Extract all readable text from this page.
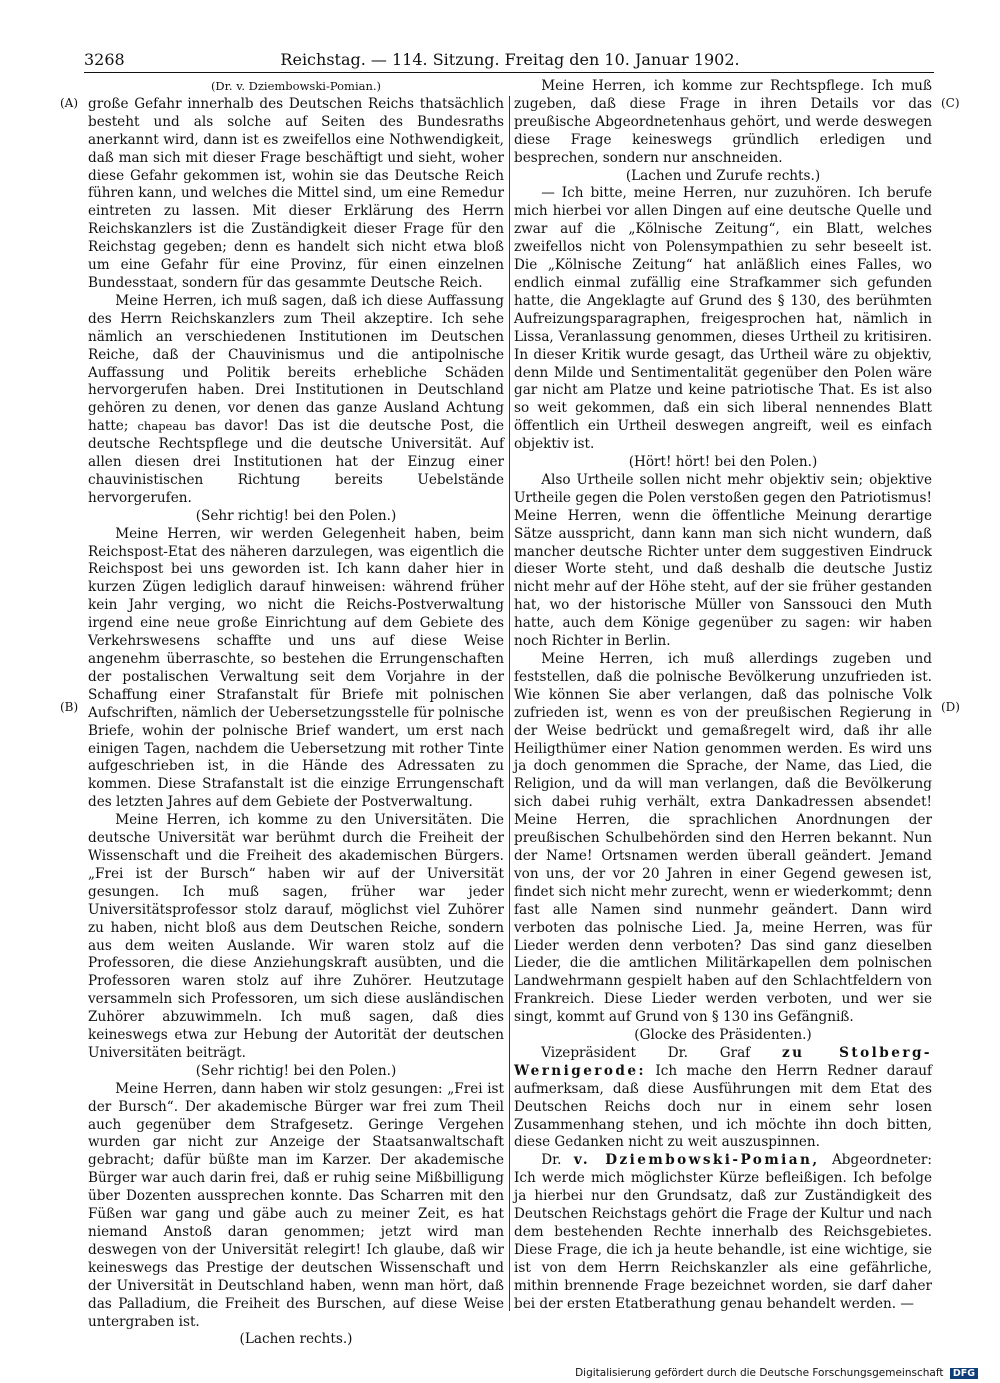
3268	Reichstag. — 114. Sitzung. Freitag den 10. Januar 1902.
(A)
(B)
(C)
(D)

(Dr. v. Dziembowski-Pomian.)

große Gefahr innerhalb des Deutschen Reichs thatsächlich besteht und als solche auf Seiten des Bundesraths anerkannt wird, dann ist es zweifellos eine Nothwendigkeit, daß man sich mit dieser Frage beschäftigt und sieht, woher diese Gefahr gekommen ist, wohin sie das Deutsche Reich führen kann, und welches die Mittel sind, um eine Remedur eintreten zu lassen. Mit dieser Erklärung des Herrn Reichskanzlers ist die Zuständigkeit dieser Frage für den Reichstag gegeben; denn es handelt sich nicht etwa bloß um eine Gefahr für eine Provinz, für einen einzelnen Bundesstaat, sondern für das gesammte Deutsche Reich.

Meine Herren, ich muß sagen, daß ich diese Auffassung des Herrn Reichskanzlers zum Theil akzeptire. Ich sehe nämlich an verschiedenen Institutionen im Deutschen Reiche, daß der Chauvinismus und die antipolnische Auffassung und Politik bereits erhebliche Schäden hervorgerufen haben. Drei Institutionen in Deutschland gehören zu denen, vor denen das ganze Ausland Achtung hatte; chapeau bas davor! Das ist die deutsche Post, die deutsche Rechtspflege und die deutsche Universität. Auf allen diesen drei Institutionen hat der Einzug einer chauvinistischen Richtung bereits Uebelstände hervorgerufen.

(Sehr richtig! bei den Polen.)

Meine Herren, wir werden Gelegenheit haben, beim Reichspost-Etat des näheren darzulegen, was eigentlich die Reichspost bei uns geworden ist. Ich kann daher hier in kurzen Zügen lediglich darauf hinweisen: während früher kein Jahr verging, wo nicht die Reichs-Postverwaltung irgend eine neue große Einrichtung auf dem Gebiete des Verkehrswesens schaffte und uns auf diese Weise angenehm überraschte, so bestehen die Errungenschaften der postalischen Verwaltung seit dem Vorjahre in der Schaffung einer Strafanstalt für Briefe mit polnischen Aufschriften, nämlich der Uebersetzungsstelle für polnische Briefe, wohin der polnische Brief wandert, um erst nach einigen Tagen, nachdem die Uebersetzung mit rother Tinte aufgeschrieben ist, in die Hände des Adressaten zu kommen. Diese Strafanstalt ist die einzige Errungenschaft des letzten Jahres auf dem Gebiete der Postverwaltung.

Meine Herren, ich komme zu den Universitäten. Die deutsche Universität war berühmt durch die Freiheit der Wissenschaft und die Freiheit des akademischen Bürgers. „Frei ist der Bursch“ haben wir auf der Universität gesungen. Ich muß sagen, früher war jeder Universitätsprofessor stolz darauf, möglichst viel Zuhörer zu haben, nicht bloß aus dem Deutschen Reiche, sondern aus dem weiten Auslande. Wir waren stolz auf die Professoren, die diese Anziehungskraft ausübten, und die Professoren waren stolz auf ihre Zuhörer. Heutzutage versammeln sich Professoren, um sich diese ausländischen Zuhörer abzuwimmeln. Ich muß sagen, daß dies keineswegs etwa zur Hebung der Autorität der deutschen Universitäten beiträgt.

(Sehr richtig! bei den Polen.)

Meine Herren, dann haben wir stolz gesungen: „Frei ist der Bursch“. Der akademische Bürger war frei zum Theil auch gegenüber dem Strafgesetz. Geringe Vergehen wurden gar nicht zur Anzeige der Staatsanwaltschaft gebracht; dafür büßte man im Karzer. Der akademische Bürger war auch darin frei, daß er ruhig seine Mißbilligung über Dozenten aussprechen konnte. Das Scharren mit den Füßen war gang und gäbe auch zu meiner Zeit, es hat niemand Anstoß daran genommen; jetzt wird man deswegen von der Universität relegirt! Ich glaube, daß wir keineswegs das Prestige der deutschen Wissenschaft und der Universität in Deutschland haben, wenn man hört, daß das Palladium, die Freiheit des Burschen, auf diese Weise untergraben ist.

(Lachen rechts.)

Meine Herren, ich komme zur Rechtspflege. Ich muß zugeben, daß diese Frage in ihren Details vor das preußische Abgeordnetenhaus gehört, und werde deswegen diese Frage keineswegs gründlich erledigen und besprechen, sondern nur anschneiden.

(Lachen und Zurufe rechts.)

— Ich bitte, meine Herren, nur zuzuhören. Ich berufe mich hierbei vor allen Dingen auf eine deutsche Quelle und zwar auf die „Kölnische Zeitung“, ein Blatt, welches zweifellos nicht von Polensympathien zu sehr beseelt ist. Die „Kölnische Zeitung“ hat anläßlich eines Falles, wo endlich einmal zufällig eine Strafkammer sich gefunden hatte, die Angeklagte auf Grund des § 130, des berühmten Aufreizungsparagraphen, freigesprochen hat, nämlich in Lissa, Veranlassung genommen, dieses Urtheil zu kritisiren. In dieser Kritik wurde gesagt, das Urtheil wäre zu objektiv, denn Milde und Sentimentalität gegenüber den Polen wäre gar nicht am Platze und keine patriotische That. Es ist also so weit gekommen, daß ein sich liberal nennendes Blatt öffentlich ein Urtheil deswegen angreift, weil es einfach objektiv ist.

(Hört! hört! bei den Polen.)

Also Urtheile sollen nicht mehr objektiv sein; objektive Urtheile gegen die Polen verstoßen gegen den Patriotismus! Meine Herren, wenn die öffentliche Meinung derartige Sätze ausspricht, dann kann man sich nicht wundern, daß mancher deutsche Richter unter dem suggestiven Eindruck dieser Worte steht, und daß deshalb die deutsche Justiz nicht mehr auf der Höhe steht, auf der sie früher gestanden hat, wo der historische Müller von Sanssouci den Muth hatte, auch dem Könige gegenüber zu sagen: wir haben noch Richter in Berlin.

Meine Herren, ich muß allerdings zugeben und feststellen, daß die polnische Bevölkerung unzufrieden ist. Wie können Sie aber verlangen, daß das polnische Volk zufrieden ist, wenn es von der preußischen Regierung in der Weise bedrückt und gemaßregelt wird, daß ihr alle Heiligthümer einer Nation genommen werden. Es wird uns ja doch genommen die Sprache, der Name, das Lied, die Religion, und da will man verlangen, daß die Bevölkerung sich dabei ruhig verhält, extra Dankadressen absendet! Meine Herren, die sprachlichen Anordnungen der preußischen Schulbehörden sind den Herren bekannt. Nun der Name! Ortsnamen werden überall geändert. Jemand von uns, der vor 20 Jahren in einer Gegend gewesen ist, findet sich nicht mehr zurecht, wenn er wiederkommt; denn fast alle Namen sind nunmehr geändert. Dann wird verboten das polnische Lied. Ja, meine Herren, was für Lieder werden denn verboten? Das sind ganz dieselben Lieder, die die amtlichen Militärkapellen dem polnischen Landwehrmann gespielt haben auf den Schlachtfeldern von Frankreich. Diese Lieder werden verboten, und wer sie singt, kommt auf Grund von § 130 ins Gefängniß.

(Glocke des Präsidenten.)

Vizepräsident Dr. Graf zu Stolberg-Wernigerode: Ich mache den Herrn Redner darauf aufmerksam, daß diese Ausführungen mit dem Etat des Deutschen Reichs doch nur in einem sehr losen Zusammenhang stehen, und ich möchte ihn doch bitten, diese Gedanken nicht zu weit auszuspinnen.

Dr. v. Dziembowski-Pomian, Abgeordneter: Ich werde mich möglichster Kürze befleißigen. Ich befolge ja hierbei nur den Grundsatz, daß zur Zuständigkeit des Deutschen Reichstags gehört die Frage der Kultur und nach dem bestehenden Rechte innerhalb des Reichsgebietes. Diese Frage, die ich ja heute behandle, ist eine wichtige, sie ist von dem Herrn Reichskanzler als eine gefährliche, mithin brennende Frage bezeichnet worden, sie darf daher bei der ersten Etatberathung genau behandelt werden. —

Digitalisierung gefördert durch die Deutsche Forschungsgemeinschaft DFG
